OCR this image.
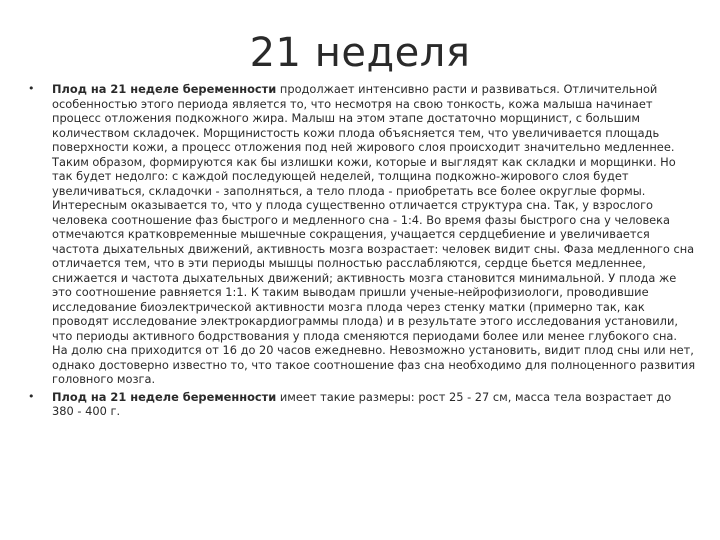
21 неделя
• Плод на 21 неделе беременности продолжает интенсивно расти и развиваться. Отличительной особенностью этого периода является то, что несмотря на свою тонкость, кожа малыша начинает процесс отложения подкожного жира. Малыш на этом этапе достаточно морщинист, с большим количеством складочек. Морщинистость кожи плода объясняется тем, что увеличивается площадь поверхности кожи, а процесс отложения под ней жирового слоя происходит значительно медленнее. Таким образом, формируются как бы излишки кожи, которые и выглядят как складки и морщинки. Но так будет недолго: с каждой последующей неделей, толщина подкожно-жирового слоя будет увеличиваться, складочки - заполняться, а тело плода - приобретать все более округлые формы.
Интересным оказывается то, что у плода существенно отличается структура сна. Так, у взрослого человека соотношение фаз быстрого и медленного сна - 1:4. Во время фазы быстрого сна у человека отмечаются кратковременные мышечные сокращения, учащается сердцебиение и увеличивается частота дыхательных движений, активность мозга возрастает: человек видит сны. Фаза медленного сна отличается тем, что в эти периоды мышцы полностью расслабляются, сердце бьется медленнее, снижается и частота дыхательных движений; активность мозга становится минимальной. У плода же это соотношение равняется 1:1. К таким выводам пришли ученые-нейрофизиологи, проводившие исследование биоэлектрической активности мозга плода через стенку матки (примерно так, как проводят исследование электрокардиограммы плода) и в результате этого исследования установили, что периоды активного бодрствования у плода сменяются периодами более или менее глубокого сна. На долю сна приходится от 16 до 20 часов ежедневно. Невозможно установить, видит плод сны или нет, однако достоверно известно то, что такое соотношение фаз сна необходимо для полноценного развития головного мозга.
• Плод на 21 неделе беременности имеет такие размеры: рост 25 - 27 см, масса тела возрастает до 380 - 400 г.
